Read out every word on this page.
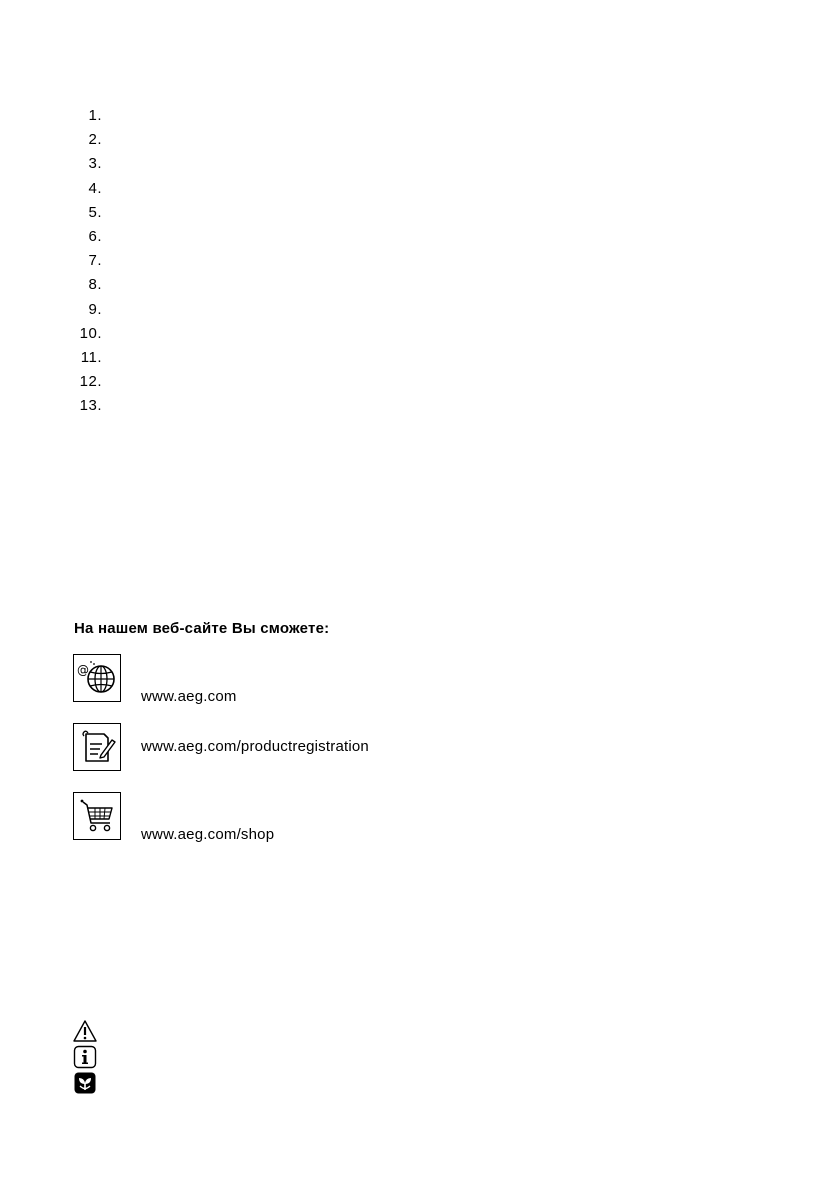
1.
2.
3.
4.
5.
6.
7.
8.
9.
10.
11.
12.
13.
На нашем веб-сайте Вы сможете:
@
www.aeg.com
www.aeg.com/productregistration
www.aeg.com/shop
